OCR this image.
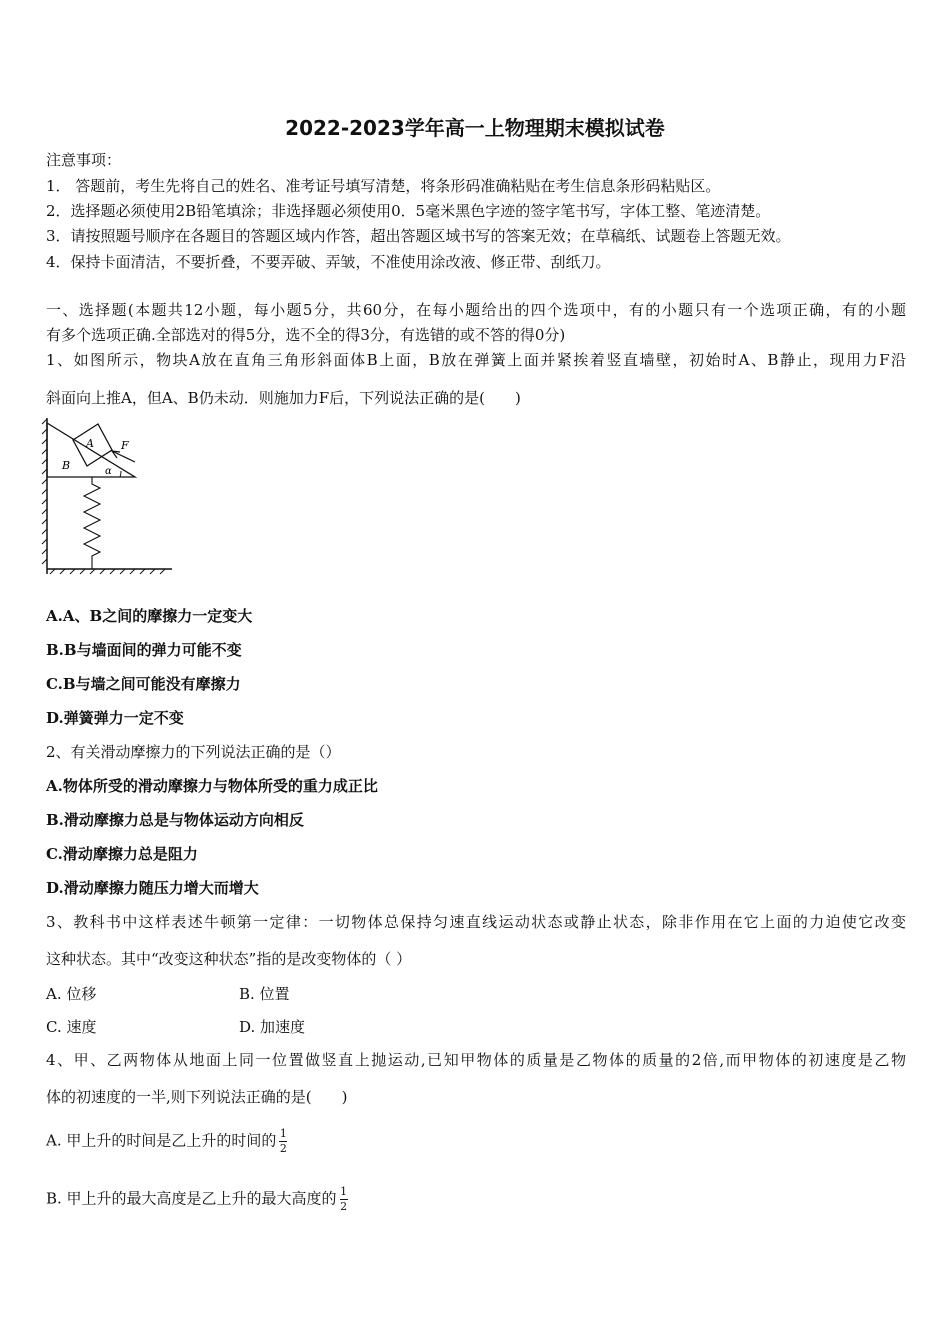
2022-2023学年高一上物理期末模拟试卷
注意事项：
1． 答题前，考生先将自己的姓名、准考证号填写清楚，将条形码准确粘贴在考生信息条形码粘贴区。
2．选择题必须使用2B铅笔填涂；非选择题必须使用0．5毫米黑色字迹的签字笔书写，字体工整、笔迹清楚。
3．请按照题号顺序在各题目的答题区域内作答，超出答题区域书写的答案无效；在草稿纸、试题卷上答题无效。
4．保持卡面清洁，不要折叠，不要弄破、弄皱，不准使用涂改液、修正带、刮纸刀。
一、选择题(本题共12小题，每小题5分，共60分，在每小题给出的四个选项中，有的小题只有一个选项正确，有的小题
有多个选项正确.全部选对的得5分，选不全的得3分，有选错的或不答的得0分)
1、如图所示，物块A放在直角三角形斜面体B上面，B放在弹簧上面并紧挨着竖直墙壁，初始时A、B静止，现用力F沿
斜面向上推A，但A、B仍未动．则施加力F后，下列说法正确的是(　　)
A F
B	α
A.A、B之间的摩擦力一定变大
B.B与墙面间的弹力可能不变
C.B与墙之间可能没有摩擦力
D.弹簧弹力一定不变
2、有关滑动摩擦力的下列说法正确的是（）
A.物体所受的滑动摩擦力与物体所受的重力成正比
B.滑动摩擦力总是与物体运动方向相反
C.滑动摩擦力总是阻力
D.滑动摩擦力随压力增大而增大
3、教科书中这样表述牛顿第一定律：一切物体总保持匀速直线运动状态或静止状态，除非作用在它上面的力迫使它改变
这种状态。其中“改变这种状态”指的是改变物体的（ ）
A. 位移	B. 位置
C. 速度	D. 加速度
4、甲、乙两物体从地面上同一位置做竖直上抛运动,已知甲物体的质量是乙物体的质量的2倍,而甲物体的初速度是乙物
体的初速度的一半,则下列说法正确的是(　　)
A. 甲上升的时间是乙上升的时间的 $\frac{1}{2}$
B. 甲上升的最大高度是乙上升的最大高度的 $\frac{1}{2}$
